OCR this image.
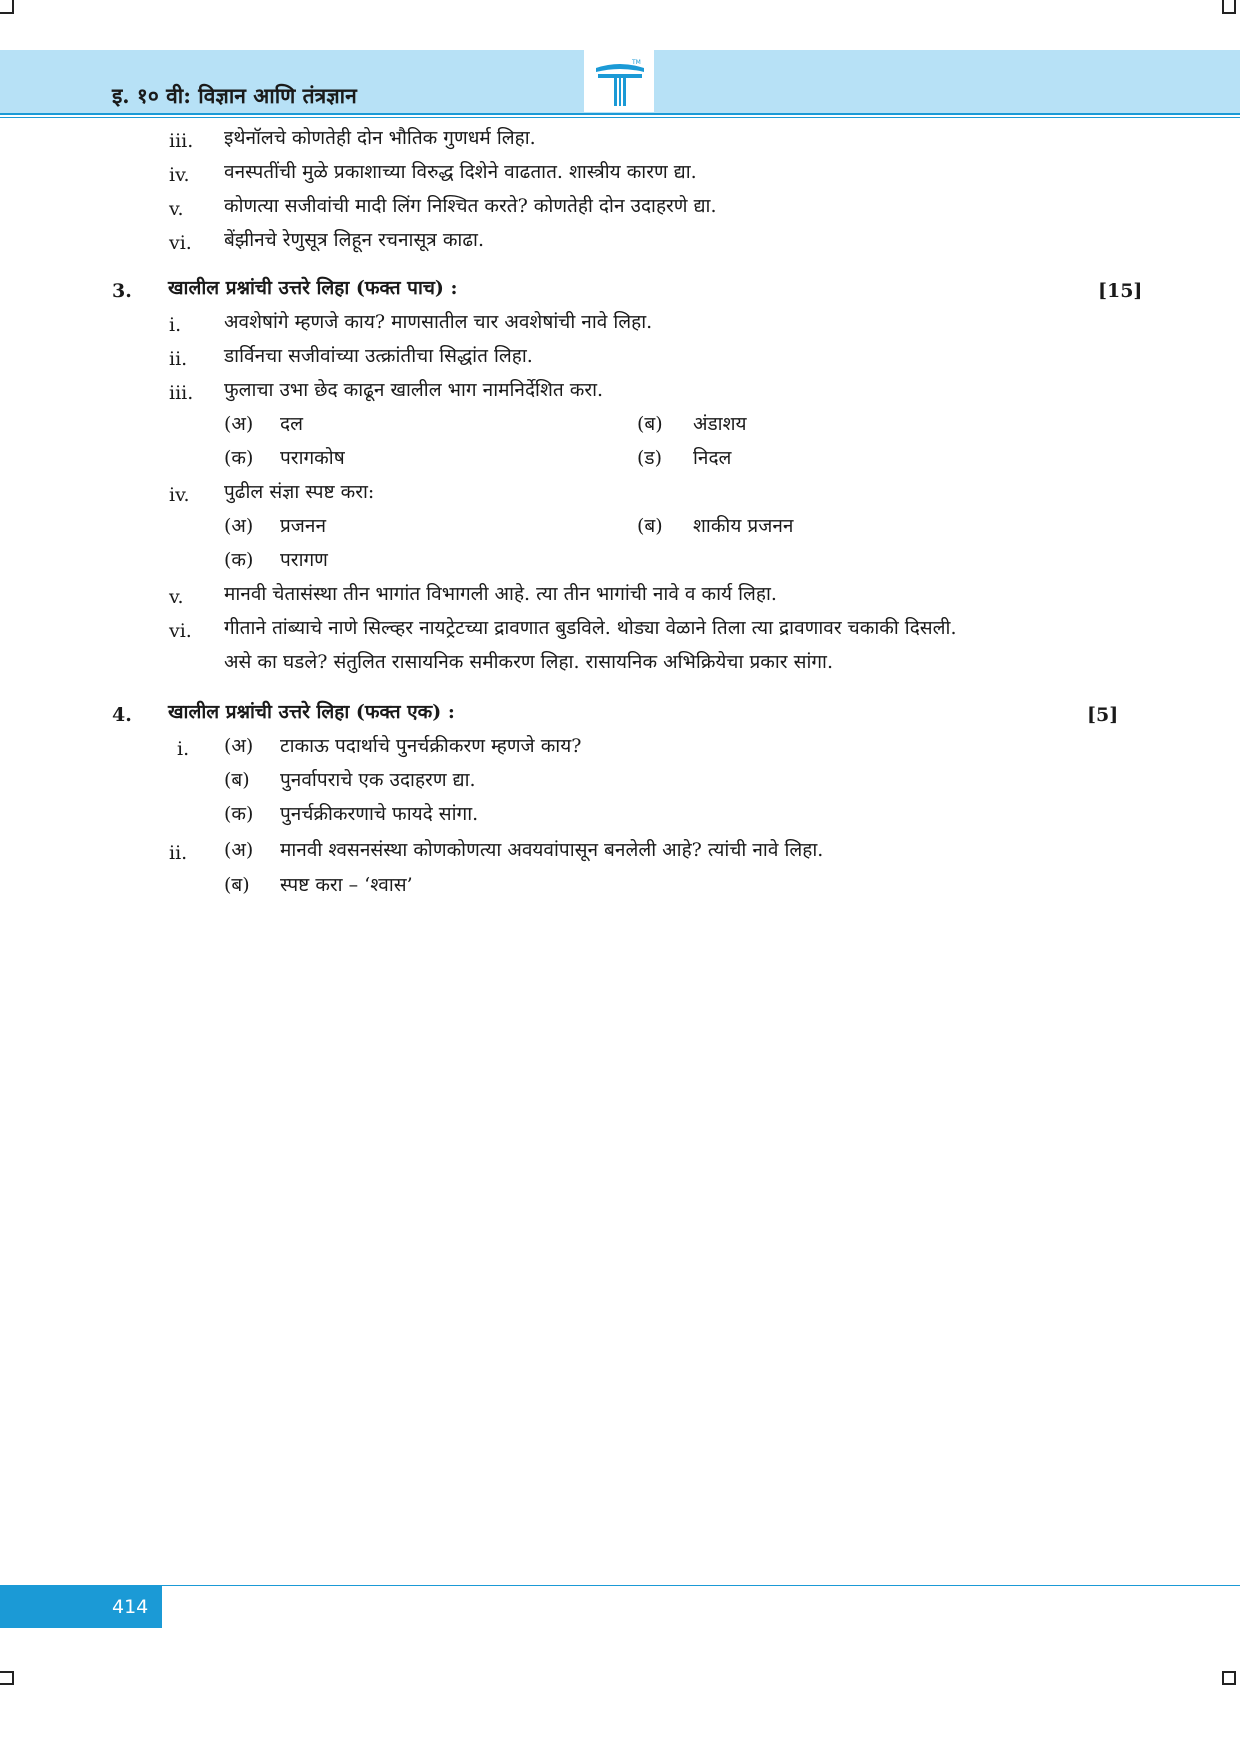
इ. १० वी: विज्ञान आणि तंत्रज्ञान
TM
iii. इथेनॉलचे कोणतेही दोन भौतिक गुणधर्म लिहा.
iv. वनस्पतींची मुळे प्रकाशाच्या विरुद्ध दिशेने वाढतात. शास्त्रीय कारण द्या.
v. कोणत्या सजीवांची मादी लिंग निश्चित करते? कोणतेही दोन उदाहरणे द्या.
vi. बेंझीनचे रेणुसूत्र लिहून रचनासूत्र काढा.
3. खालील प्रश्नांची उत्तरे लिहा (फक्त पाच) :	[15]
i. अवशेषांगे म्हणजे काय? माणसातील चार अवशेषांची नावे लिहा.
ii. डार्विनचा सजीवांच्या उत्क्रांतीचा सिद्धांत लिहा.
iii. फुलाचा उभा छेद काढून खालील भाग नामनिर्देशित करा.
(अ) दल	(ब) अंडाशय
(क) परागकोष	(ड) निदल
iv. पुढील संज्ञा स्पष्ट करा:
(अ) प्रजनन	(ब) शाकीय प्रजनन
(क) परागण
v. मानवी चेतासंस्था तीन भागांत विभागली आहे. त्या तीन भागांची नावे व कार्य लिहा.
vi. गीताने तांब्याचे नाणे सिल्व्हर नायट्रेटच्या द्रावणात बुडविले. थोड्या वेळाने तिला त्या द्रावणावर चकाकी दिसली.
असे का घडले? संतुलित रासायनिक समीकरण लिहा. रासायनिक अभिक्रियेचा प्रकार सांगा.
4. खालील प्रश्नांची उत्तरे लिहा (फक्त एक) :	[5]
i. (अ) टाकाऊ पदार्थाचे पुनर्चक्रीकरण म्हणजे काय?
(ब) पुनर्वापराचे एक उदाहरण द्या.
(क) पुनर्चक्रीकरणाचे फायदे सांगा.
ii. (अ) मानवी श्वसनसंस्था कोणकोणत्या अवयवांपासून बनलेली आहे? त्यांची नावे लिहा.
(ब) स्पष्ट करा – ‘श्वास’
414
